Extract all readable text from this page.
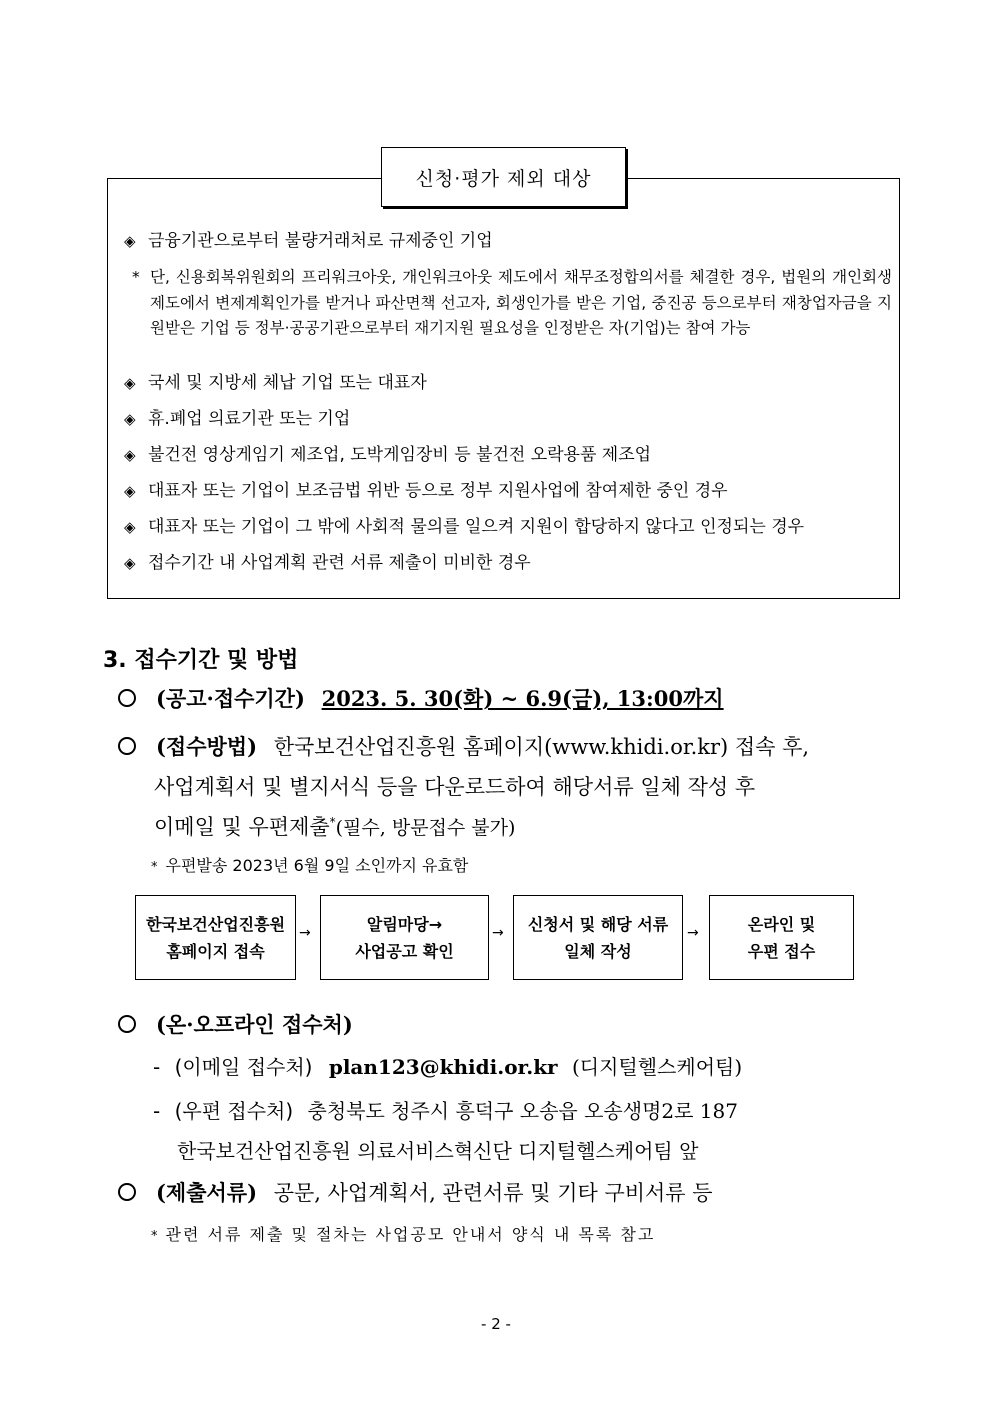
신청·평가 제외 대상
◈ 금융기관으로부터 불량거래처로 규제중인 기업
* 단, 신용회복위원회의 프리워크아웃, 개인워크아웃 제도에서 채무조정합의서를 체결한 경우, 법원의 개인회생제도에서 변제계획인가를 받거나 파산면책 선고자, 회생인가를 받은 기업, 중진공 등으로부터 재창업자금을 지원받은 기업 등 정부·공공기관으로부터 재기지원 필요성을 인정받은 자(기업)는 참여 가능
◈ 국세 및 지방세 체납 기업 또는 대표자
◈ 휴.폐업 의료기관 또는 기업
◈ 불건전 영상게임기 제조업, 도박게임장비 등 불건전 오락용품 제조업
◈ 대표자 또는 기업이 보조금법 위반 등으로 정부 지원사업에 참여제한 중인 경우
◈ 대표자 또는 기업이 그 밖에 사회적 물의를 일으켜 지원이 합당하지 않다고 인정되는 경우
◈ 접수기간 내 사업계획 관련 서류 제출이 미비한 경우
3. 접수기간 및 방법
(공고·접수기간) 2023. 5. 30(화) ~ 6.9(금), 13:00까지
(접수방법) 한국보건산업진흥원 홈페이지(www.khidi.or.kr) 접속 후,
사업계획서 및 별지서식 등을 다운로드하여 해당서류 일체 작성 후
이메일 및 우편제출*(필수, 방문접수 불가)
* 우편발송 2023년 6월 9일 소인까지 유효함
한국보건산업진흥원
홈페이지 접속
→	알림마당→
사업공고 확인
→ 신청서 및 해당 서류
일체 작성
→	온라인 및
우편 접수
(온·오프라인 접수처)
- (이메일 접수처) plan123@khidi.or.kr (디지털헬스케어팀)
- (우편 접수처) 충청북도 청주시 흥덕구 오송읍 오송생명2로 187
한국보건산업진흥원 의료서비스혁신단 디지털헬스케어팀 앞
(제출서류) 공문, 사업계획서, 관련서류 및 기타 구비서류 등
* 관련 서류 제출 및 절차는 사업공모 안내서 양식 내 목록 참고
- 2 -
